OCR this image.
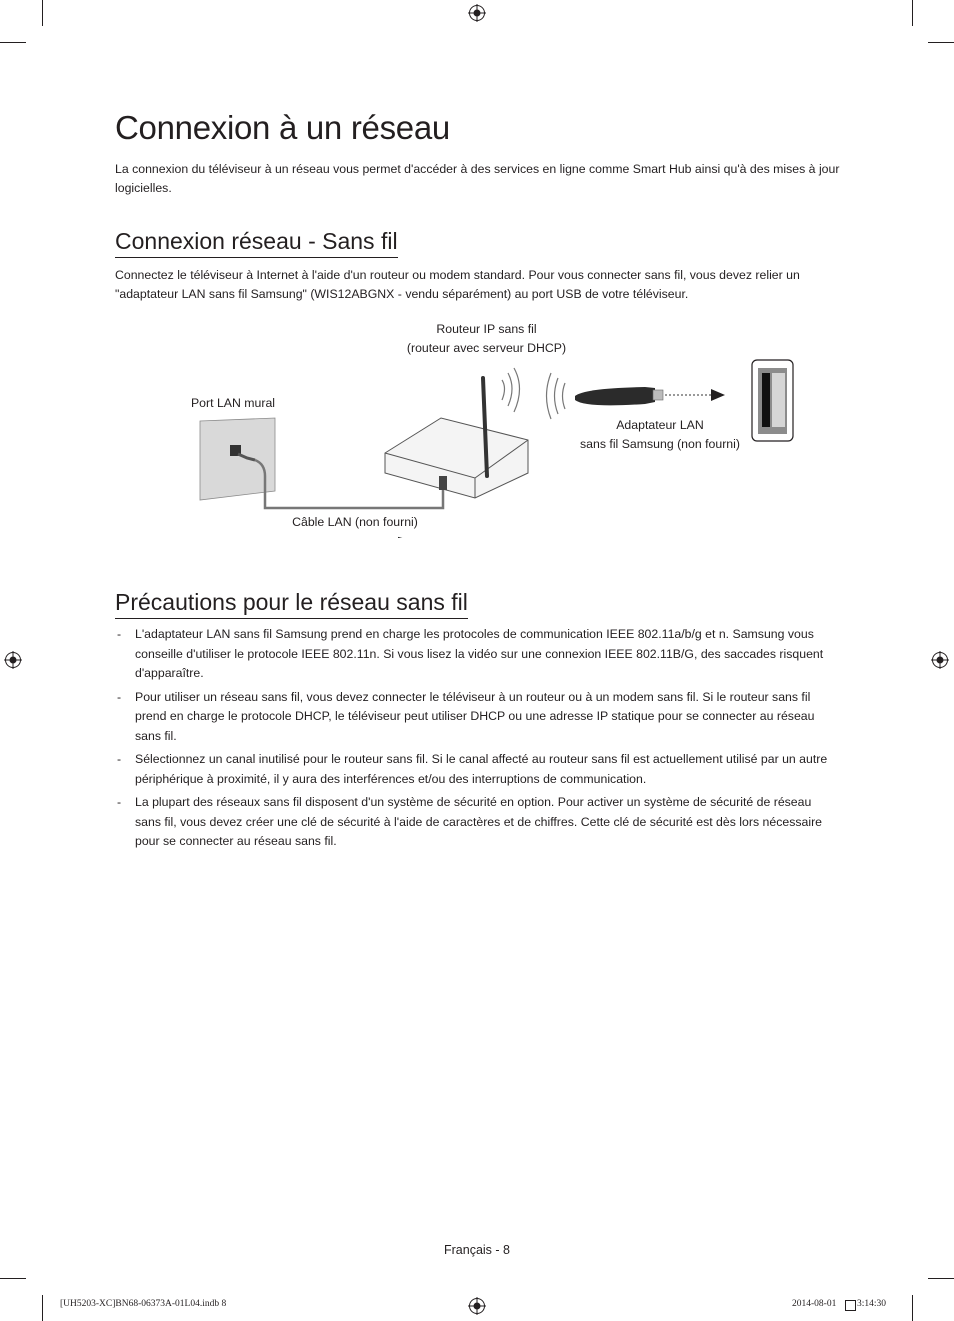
Connexion à un réseau

La connexion du téléviseur à un réseau vous permet d'accéder à des services en ligne comme Smart Hub ainsi qu'à des mises à jour logicielles.

Connexion réseau - Sans fil

Connectez le téléviseur à Internet à l'aide d'un routeur ou modem standard. Pour vous connecter sans fil, vous devez relier un "adaptateur LAN sans fil Samsung" (WIS12ABGNX - vendu séparément) au port USB de votre téléviseur.

Routeur IP sans fil
(routeur avec serveur DHCP)
Port LAN mural
Adaptateur LAN
sans fil Samsung (non fourni)
Câble LAN (non fourni)
Précautions pour le réseau sans fil
- L'adaptateur LAN sans fil Samsung prend en charge les protocoles de communication IEEE 802.11a/b/g et n. Samsung vous conseille d'utiliser le protocole IEEE 802.11n. Si vous lisez la vidéo sur une connexion IEEE 802.11B/G, des saccades risquent d'apparaître.
- Pour utiliser un réseau sans fil, vous devez connecter le téléviseur à un routeur ou à un modem sans fil. Si le routeur sans fil prend en charge le protocole DHCP, le téléviseur peut utiliser DHCP ou une adresse IP statique pour se connecter au réseau sans fil.
- Sélectionnez un canal inutilisé pour le routeur sans fil. Si le canal affecté au routeur sans fil est actuellement utilisé par un autre périphérique à proximité, il y aura des interférences et/ou des interruptions de communication.
- La plupart des réseaux sans fil disposent d'un système de sécurité en option. Pour activer un système de sécurité de réseau sans fil, vous devez créer une clé de sécurité à l'aide de caractères et de chiffres. Cette clé de sécurité est dès lors nécessaire pour se connecter au réseau sans fil.
Français - 8
[UH5203-XC]BN68-06373A-01L04.indb 8	2014-08-01 3:14:30
